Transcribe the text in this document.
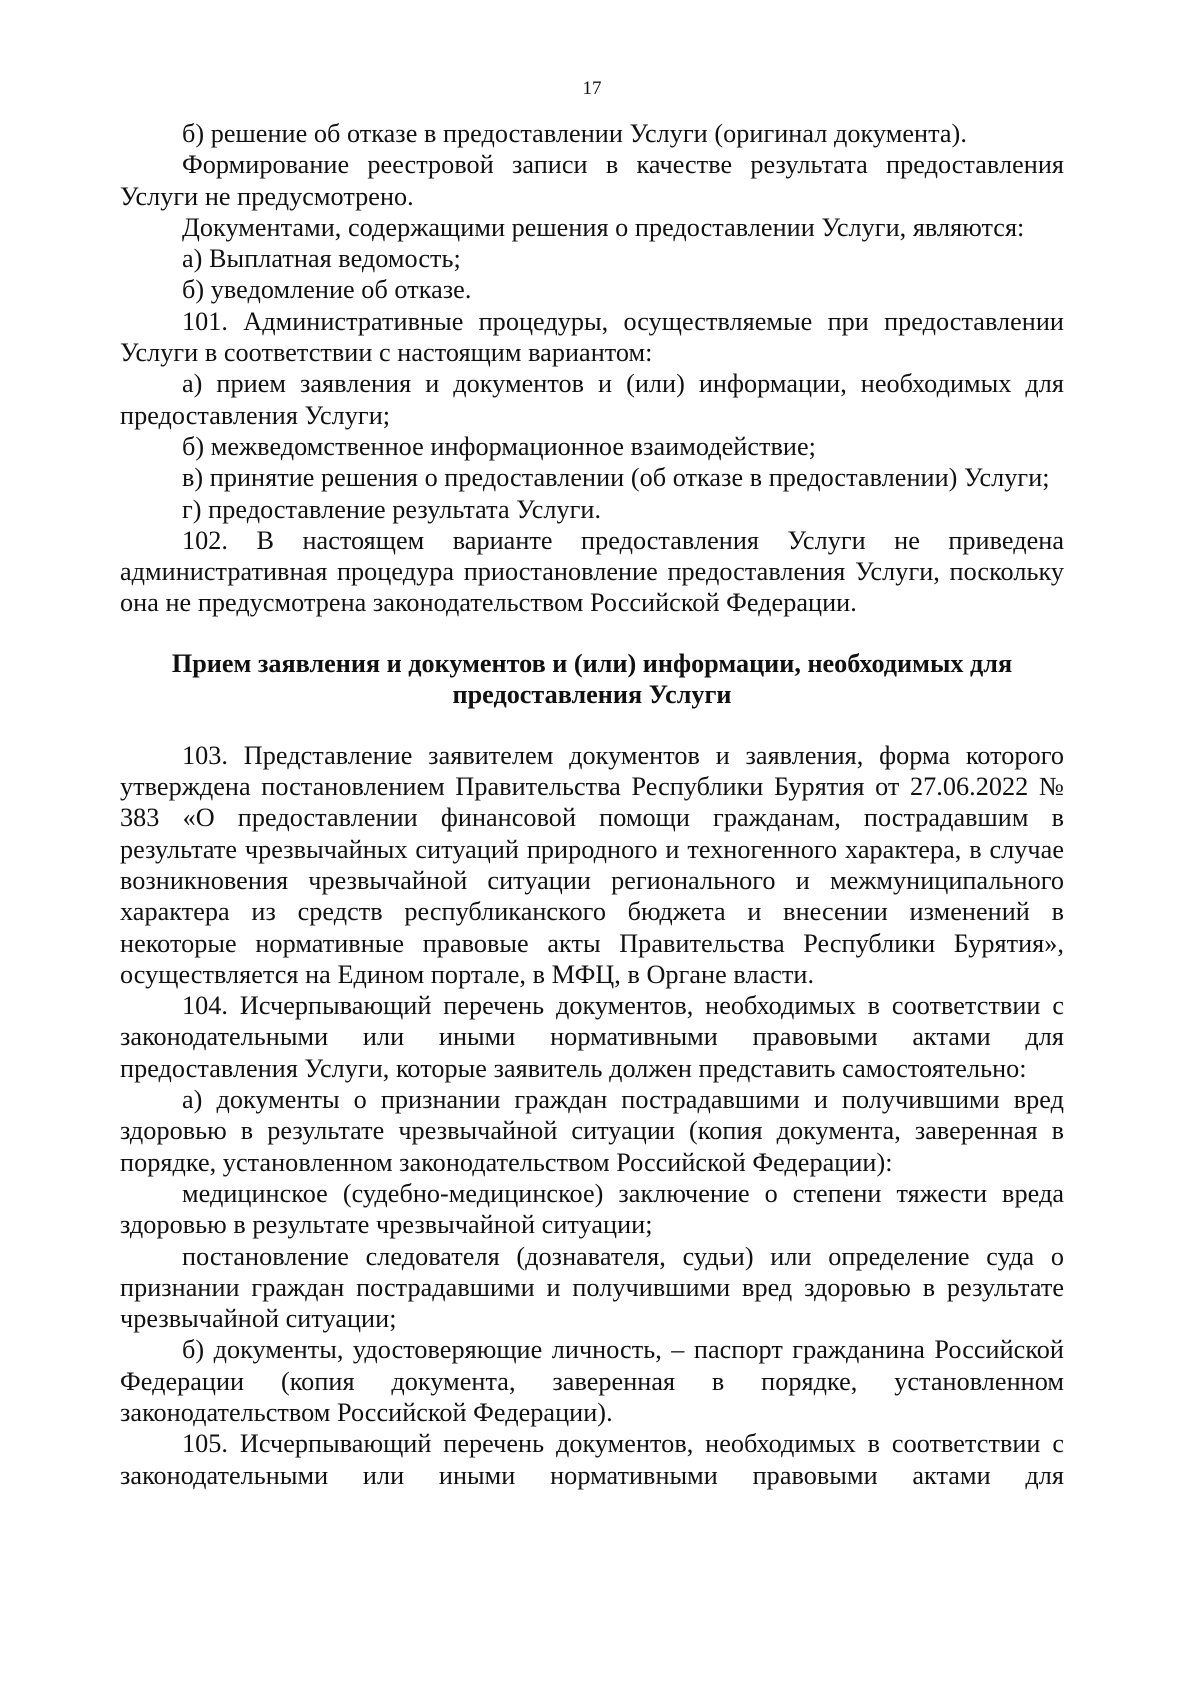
17

б) решение об отказе в предоставлении Услуги (оригинал документа).

Формирование реестровой записи в качестве результата предоставления Услуги не предусмотрено.

Документами, содержащими решения о предоставлении Услуги, являются:

а) Выплатная ведомость;

б) уведомление об отказе.

101. Административные процедуры, осуществляемые при предоставлении Услуги в соответствии с настоящим вариантом:

а) прием заявления и документов и (или) информации, необходимых для предоставления Услуги;

б) межведомственное информационное взаимодействие;

в) принятие решения о предоставлении (об отказе в предоставлении) Услуги;

г) предоставление результата Услуги.

102. В настоящем варианте предоставления Услуги не приведена административная процедура приостановление предоставления Услуги, поскольку она не предусмотрена законодательством Российской Федерации.

Прием заявления и документов и (или) информации, необходимых для предоставления Услуги

103. Представление заявителем документов и заявления, форма которого утверждена постановлением Правительства Республики Бурятия от 27.06.2022 № 383 «О предоставлении финансовой помощи гражданам, пострадавшим в результате чрезвычайных ситуаций природного и техногенного характера, в случае возникновения чрезвычайной ситуации регионального и межмуниципального характера из средств республиканского бюджета и внесении изменений в некоторые нормативные правовые акты Правительства Республики Бурятия», осуществляется на Едином портале, в МФЦ, в Органе власти.

104. Исчерпывающий перечень документов, необходимых в соответствии с законодательными или иными нормативными правовыми актами для предоставления Услуги, которые заявитель должен представить самостоятельно:

а) документы о признании граждан пострадавшими и получившими вред здоровью в результате чрезвычайной ситуации (копия документа, заверенная в порядке, установленном законодательством Российской Федерации):

медицинское (судебно-медицинское) заключение о степени тяжести вреда здоровью в результате чрезвычайной ситуации;

постановление следователя (дознавателя, судьи) или определение суда о признании граждан пострадавшими и получившими вред здоровью в результате чрезвычайной ситуации;

б) документы, удостоверяющие личность, – паспорт гражданина Российской Федерации (копия документа, заверенная в порядке, установленном законодательством Российской Федерации).

105. Исчерпывающий перечень документов, необходимых в соответствии с законодательными или иными нормативными правовыми актами для
